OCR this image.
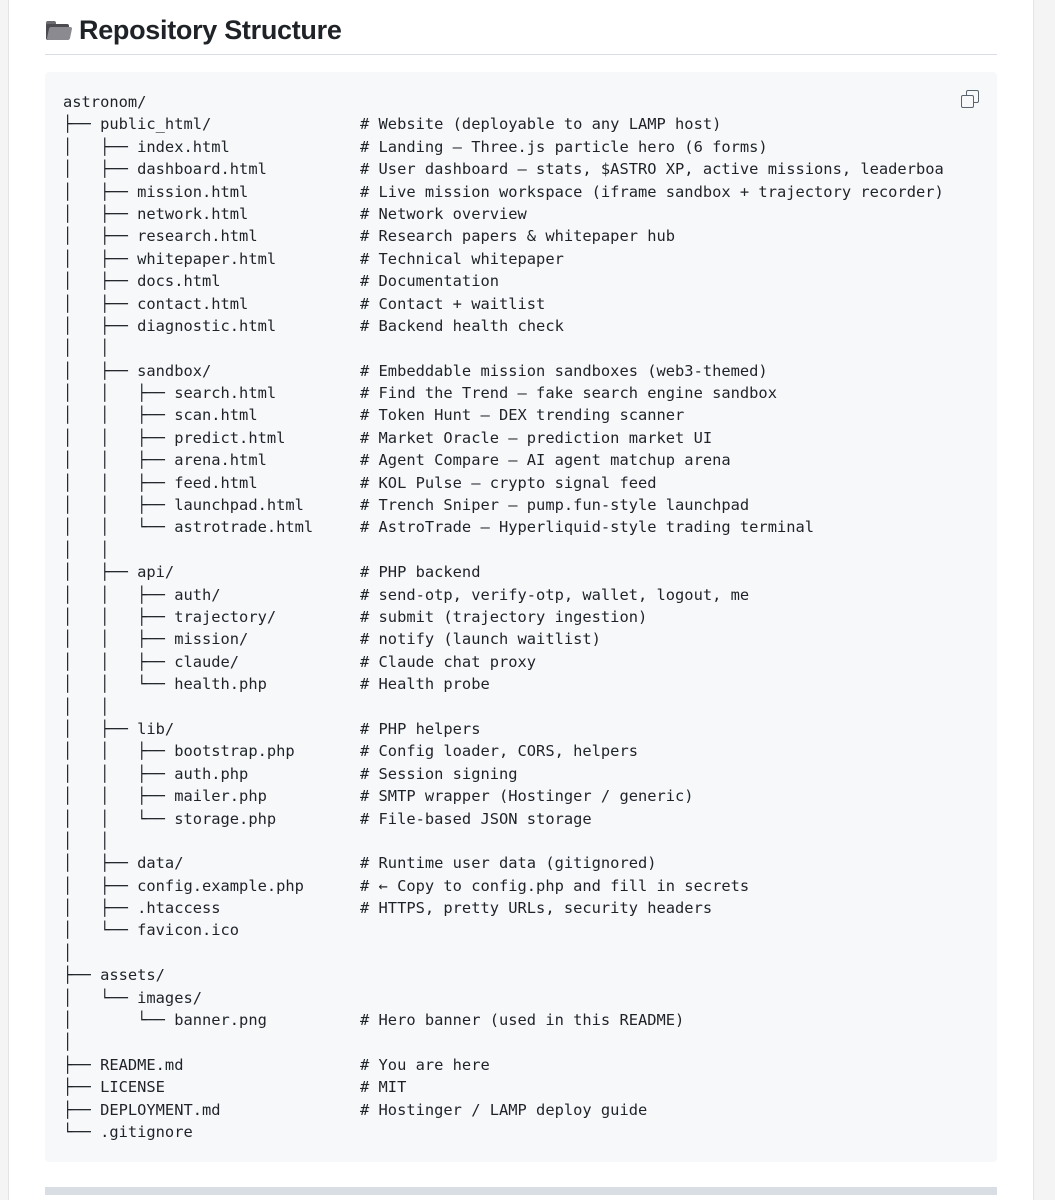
Repository Structure
astronom/
├── public_html/	# Website (deployable to any LAMP host)
│   ├── index.html	# Landing — Three.js particle hero (6 forms)
│   ├── dashboard.html	# User dashboard — stats, $ASTRO XP, active missions, leaderboa
│   ├── mission.html	# Live mission workspace (iframe sandbox + trajectory recorder)
│   ├── network.html	# Network overview
│   ├── research.html	# Research papers & whitepaper hub
│   ├── whitepaper.html	# Technical whitepaper
│   ├── docs.html	# Documentation
│   ├── contact.html	# Contact + waitlist
│   ├── diagnostic.html	# Backend health check
│   │
│   ├── sandbox/	# Embeddable mission sandboxes (web3-themed)
│   │   ├── search.html	# Find the Trend — fake search engine sandbox
│   │   ├── scan.html	# Token Hunt — DEX trending scanner
│   │   ├── predict.html	# Market Oracle — prediction market UI
│   │   ├── arena.html	# Agent Compare — AI agent matchup arena
│   │   ├── feed.html	# KOL Pulse — crypto signal feed
│   │   ├── launchpad.html	# Trench Sniper — pump.fun-style launchpad
│   │   └── astrotrade.html	# AstroTrade — Hyperliquid-style trading terminal
│   │
│   ├── api/	# PHP backend
│   │   ├── auth/	# send-otp, verify-otp, wallet, logout, me
│   │   ├── trajectory/	# submit (trajectory ingestion)
│   │   ├── mission/	# notify (launch waitlist)
│   │   ├── claude/	# Claude chat proxy
│   │   └── health.php	# Health probe
│   │
│   ├── lib/	# PHP helpers
│   │   ├── bootstrap.php	# Config loader, CORS, helpers
│   │   ├── auth.php	# Session signing
│   │   ├── mailer.php	# SMTP wrapper (Hostinger / generic)
│   │   └── storage.php	# File-based JSON storage
│   │
│   ├── data/	# Runtime user data (gitignored)
│   ├── config.example.php	# ← Copy to config.php and fill in secrets
│   ├── .htaccess	# HTTPS, pretty URLs, security headers
│   └── favicon.ico
│
├── assets/
│   └── images/
│       └── banner.png	# Hero banner (used in this README)
│
├── README.md	# You are here
├── LICENSE	# MIT
├── DEPLOYMENT.md	# Hostinger / LAMP deploy guide
└── .gitignore
